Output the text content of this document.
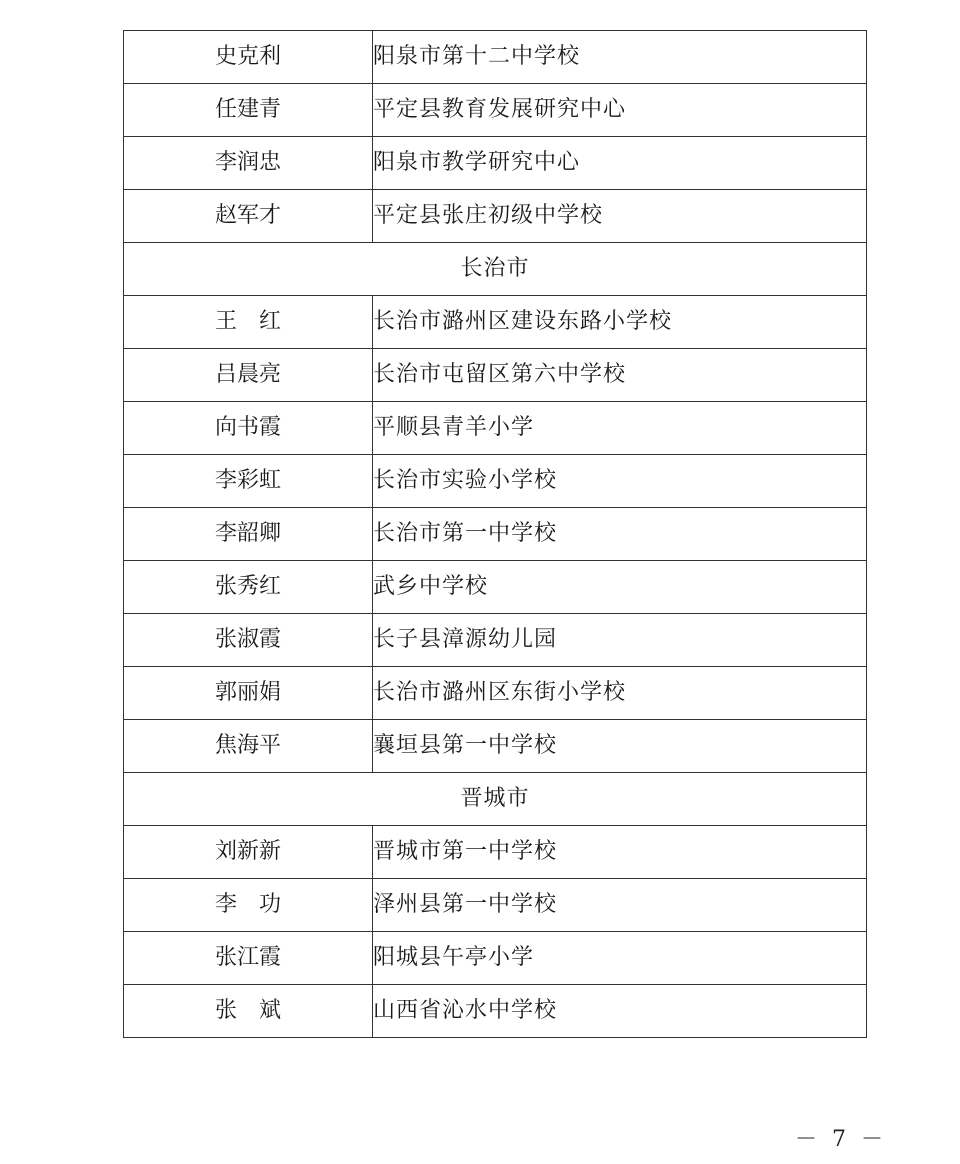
史克利	阳泉市第十二中学校
任建青	平定县教育发展研究中心
李润忠	阳泉市教学研究中心
赵军才	平定县张庄初级中学校
长治市	
王　红	长治市潞州区建设东路小学校
吕晨亮	长治市屯留区第六中学校
向书霞	平顺县青羊小学
李彩虹	长治市实验小学校
李韶卿	长治市第一中学校
张秀红	武乡中学校
张淑霞	长子县漳源幼儿园
郭丽娟	长治市潞州区东街小学校
焦海平	襄垣县第一中学校
晋城市	
刘新新	晋城市第一中学校
李　功	泽州县第一中学校
张江霞	阳城县午亭小学
张　斌	山西省沁水中学校
－ 7 －
